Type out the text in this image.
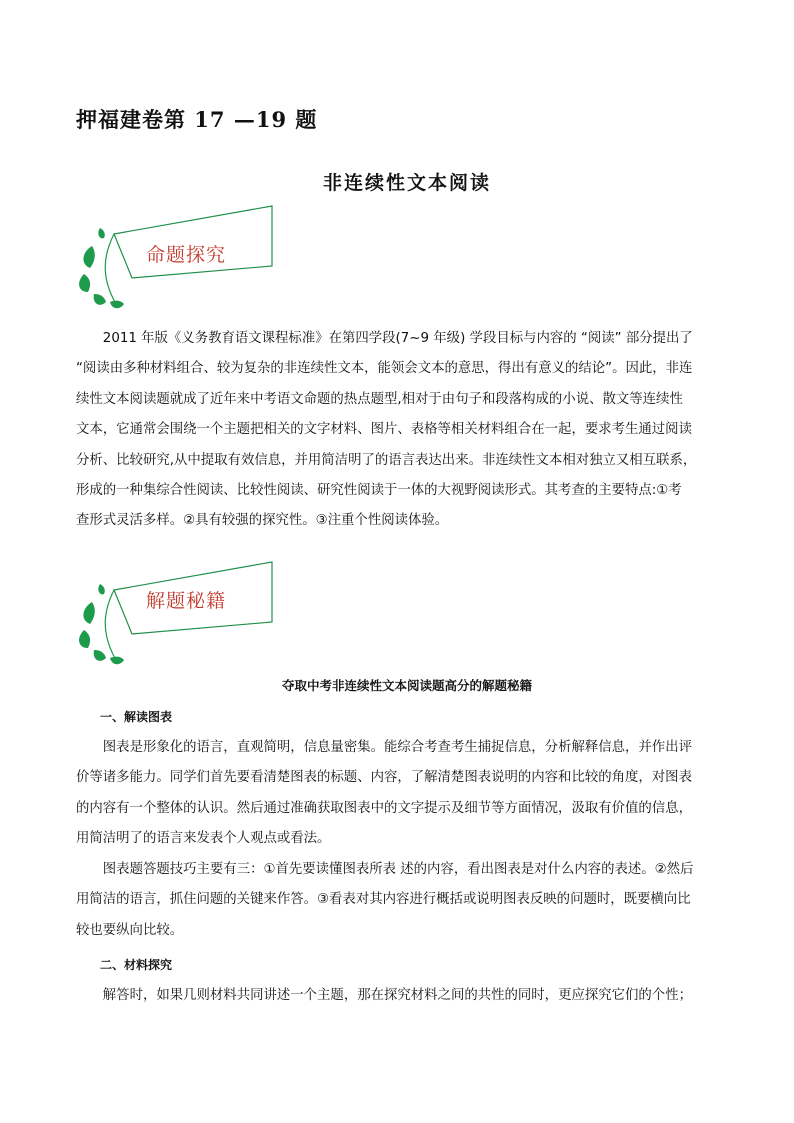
押福建卷第 17 —19 题
非连续性文本阅读
命题探究
2011 年版《义务教育语文课程标准》在第四学段(7~9 年级) 学段目标与内容的 “阅读” 部分提出了
“阅读由多种材料组合、较为复杂的非连续性文本，能领会文本的意思，得出有意义的结论”。因此，非连
续性文本阅读题就成了近年来中考语文命题的热点题型,相对于由句子和段落构成的小说、散文等连续性
文本，它通常会围绕一个主题把相关的文字材料、图片、表格等相关材料组合在一起，要求考生通过阅读
分析、比较研究,从中提取有效信息，并用简洁明了的语言表达出来。非连续性文本相对独立又相互联系，
形成的一种集综合性阅读、比较性阅读、研究性阅读于一体的大视野阅读形式。其考查的主要特点:①考
查形式灵活多样。②具有较强的探究性。③注重个性阅读体验。
解题秘籍
夺取中考非连续性文本阅读题高分的解题秘籍
一、解读图表
图表是形象化的语言，直观简明，信息量密集。能综合考查考生捕捉信息，分析解释信息，并作出评
价等诸多能力。同学们首先要看清楚图表的标题、内容，了解清楚图表说明的内容和比较的角度，对图表
的内容有一个整体的认识。然后通过准确获取图表中的文字提示及细节等方面情况，汲取有价值的信息，
用简洁明了的语言来发表个人观点或看法。
图表题答题技巧主要有三：①首先要读懂图表所表 述的内容，看出图表是对什么内容的表述。②然后
用简洁的语言，抓住问题的关键来作答。③看表对其内容进行概括或说明图表反映的问题时，既要横向比
较也要纵向比较。
二、材料探究
解答时，如果几则材料共同讲述一个主题，那在探究材料之间的共性的同时，更应探究它们的个性；
